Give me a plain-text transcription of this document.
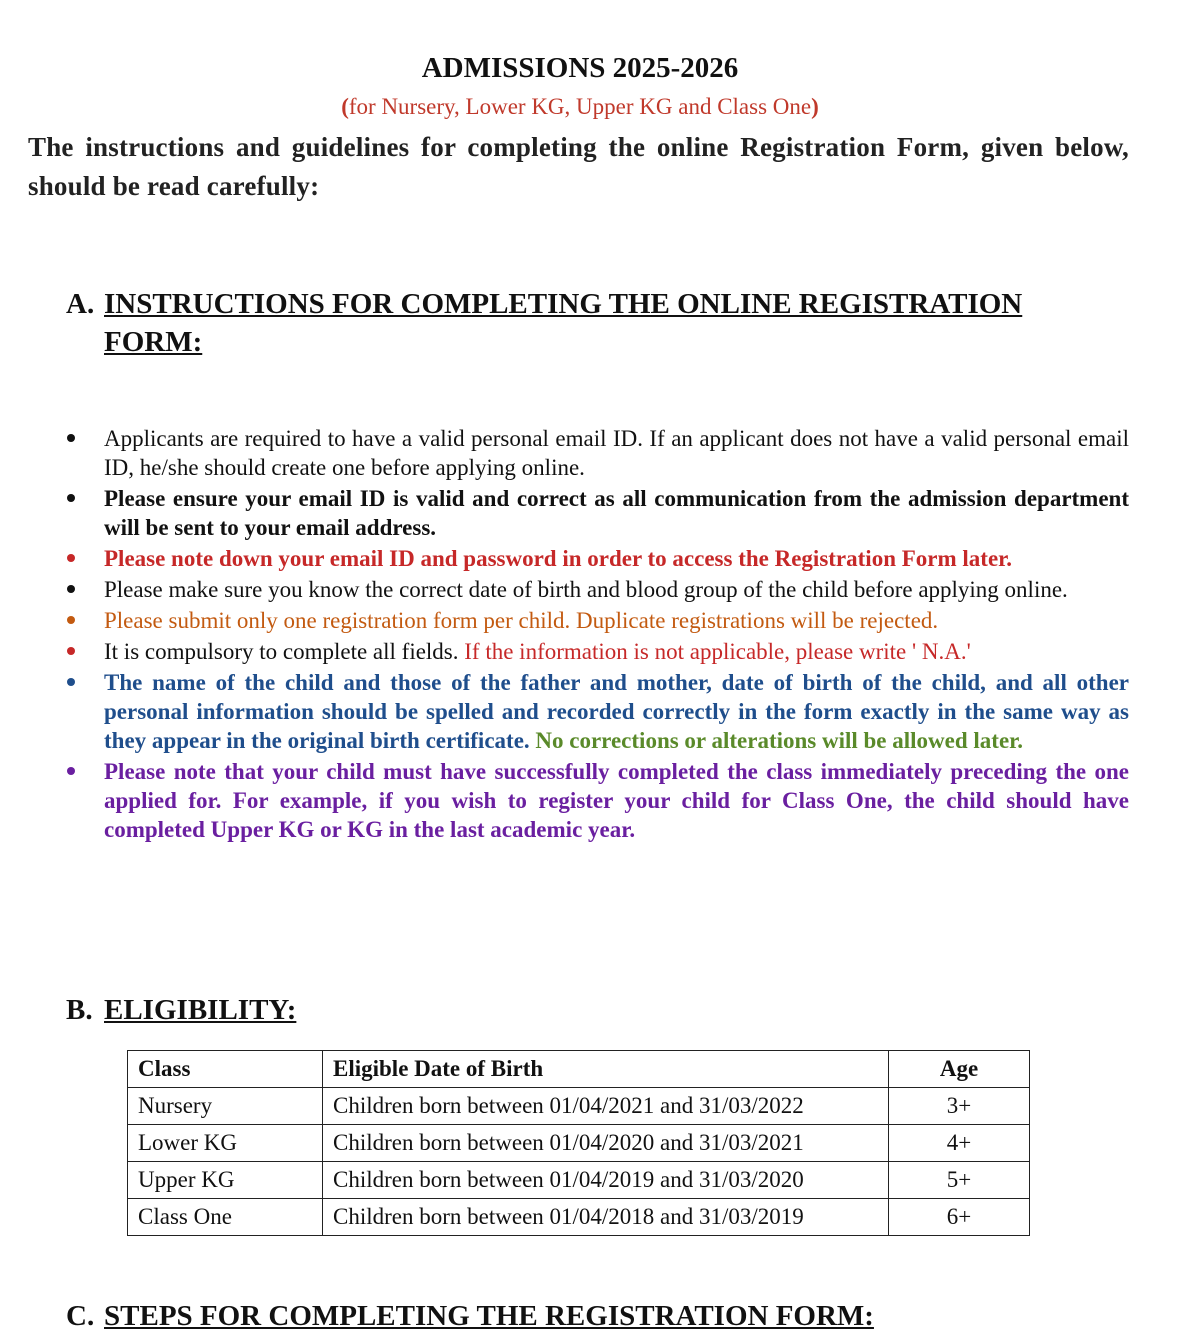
ADMISSIONS 2025-2026
(for Nursery, Lower KG, Upper KG and Class One)
The instructions and guidelines for completing the online Registration Form, given below, should be read carefully:
A. INSTRUCTIONS FOR COMPLETING THE ONLINE REGISTRATION FORM:
Applicants are required to have a valid personal email ID. If an applicant does not have a valid personal email ID, he/she should create one before applying online.
Please ensure your email ID is valid and correct as all communication from the admission department will be sent to your email address.
Please note down your email ID and password in order to access the Registration Form later.
Please make sure you know the correct date of birth and blood group of the child before applying online.
Please submit only one registration form per child. Duplicate registrations will be rejected.
It is compulsory to complete all fields. If the information is not applicable, please write ' N.A.'
The name of the child and those of the father and mother, date of birth of the child, and all other personal information should be spelled and recorded correctly in the form exactly in the same way as they appear in the original birth certificate. No corrections or alterations will be allowed later.
Please note that your child must have successfully completed the class immediately preceding the one applied for. For example, if you wish to register your child for Class One, the child should have completed Upper KG or KG in the last academic year.
B. ELIGIBILITY:
Class	Eligible Date of Birth	Age
Nursery	Children born between 01/04/2021 and 31/03/2022	3+
Lower KG	Children born between 01/04/2020 and 31/03/2021	4+
Upper KG	Children born between 01/04/2019 and 31/03/2020	5+
Class One	Children born between 01/04/2018 and 31/03/2019	6+
C. STEPS FOR COMPLETING THE REGISTRATION FORM:
